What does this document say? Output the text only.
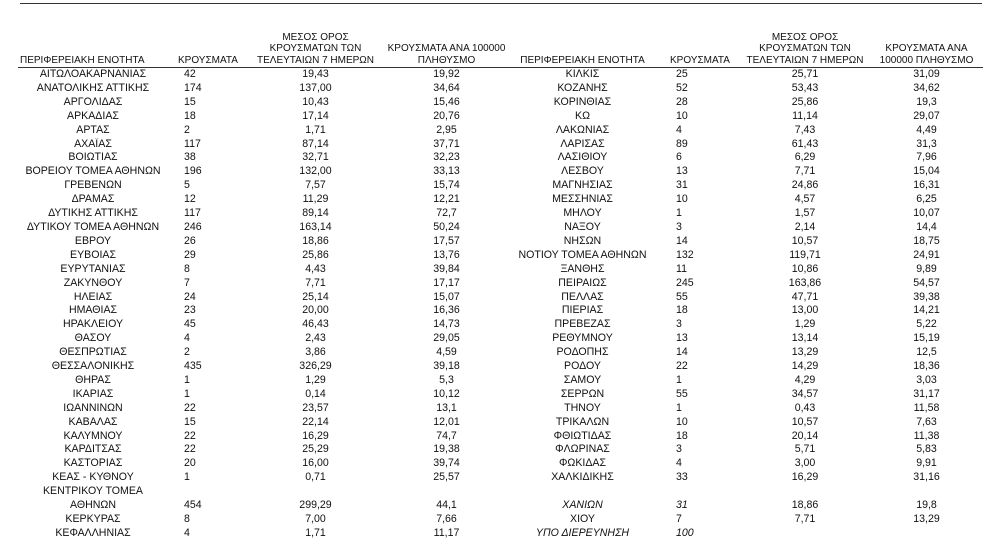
ΠΕΡΙΦΕΡΕΙΑΚΗ ΕΝΟΤΗΤΑ	ΚΡΟΥΣΜΑΤΑ	ΜΕΣΟΣ ΟΡΟΣ ΚΡΟΥΣΜΑΤΩΝ ΤΩΝ ΤΕΛΕΥΤΑΙΩΝ 7 ΗΜΕΡΩΝ	ΚΡΟΥΣΜΑΤΑ ΑΝΑ 100000 ΠΛΗΘΥΣΜΟ
ΑΙΤΩΛΟΑΚΑΡΝΑΝΙΑΣ	42	19,43	19,92
ΑΝΑΤΟΛΙΚΗΣ ΑΤΤΙΚΗΣ	174	137,00	34,64
ΑΡΓΟΛΙΔΑΣ	15	10,43	15,46
ΑΡΚΑΔΙΑΣ	18	17,14	20,76
ΑΡΤΑΣ	2	1,71	2,95
ΑΧΑΪΑΣ	117	87,14	37,71
ΒΟΙΩΤΙΑΣ	38	32,71	32,23
ΒΟΡΕΙΟΥ ΤΟΜΕΑ ΑΘΗΝΩΝ	196	132,00	33,13
ΓΡΕΒΕΝΩΝ	5	7,57	15,74
ΔΡΑΜΑΣ	12	11,29	12,21
ΔΥΤΙΚΗΣ ΑΤΤΙΚΗΣ	117	89,14	72,7
ΔΥΤΙΚΟΥ ΤΟΜΕΑ ΑΘΗΝΩΝ	246	163,14	50,24
ΕΒΡΟΥ	26	18,86	17,57
ΕΥΒΟΙΑΣ	29	25,86	13,76
ΕΥΡΥΤΑΝΙΑΣ	8	4,43	39,84
ΖΑΚΥΝΘΟΥ	7	7,71	17,17
ΗΛΕΙΑΣ	24	25,14	15,07
ΗΜΑΘΙΑΣ	23	20,00	16,36
ΗΡΑΚΛΕΙΟΥ	45	46,43	14,73
ΘΑΣΟΥ	4	2,43	29,05
ΘΕΣΠΡΩΤΙΑΣ	2	3,86	4,59
ΘΕΣΣΑΛΟΝΙΚΗΣ	435	326,29	39,18
ΘΗΡΑΣ	1	1,29	5,3
ΙΚΑΡΙΑΣ	1	0,14	10,12
ΙΩΑΝΝΙΝΩΝ	22	23,57	13,1
ΚΑΒΑΛΑΣ	15	22,14	12,01
ΚΑΛΥΜΝΟΥ	22	16,29	74,7
ΚΑΡΔΙΤΣΑΣ	22	25,29	19,38
ΚΑΣΤΟΡΙΑΣ	20	16,00	39,74
ΚΕΑΣ - ΚΥΘΝΟΥ	1	0,71	25,57
ΚΕΝΤΡΙΚΟΥ ΤΟΜΕΑ			
ΑΘΗΝΩΝ	454	299,29	44,1
ΚΕΡΚΥΡΑΣ	8	7,00	7,66
ΚΕΦΑΛΛΗΝΙΑΣ	4	1,71	11,17
ΠΕΡΙΦΕΡΕΙΑΚΗ ΕΝΟΤΗΤΑ	ΚΡΟΥΣΜΑΤΑ	ΜΕΣΟΣ ΟΡΟΣ ΚΡΟΥΣΜΑΤΩΝ ΤΩΝ ΤΕΛΕΥΤΑΙΩΝ 7 ΗΜΕΡΩΝ	ΚΡΟΥΣΜΑΤΑ ΑΝΑ 100000 ΠΛΗΘΥΣΜΟ
ΚΙΛΚΙΣ	25	25,71	31,09
ΚΟΖΑΝΗΣ	52	53,43	34,62
ΚΟΡΙΝΘΙΑΣ	28	25,86	19,3
ΚΩ	10	11,14	29,07
ΛΑΚΩΝΙΑΣ	4	7,43	4,49
ΛΑΡΙΣΑΣ	89	61,43	31,3
ΛΑΣΙΘΙΟΥ	6	6,29	7,96
ΛΕΣΒΟΥ	13	7,71	15,04
ΜΑΓΝΗΣΙΑΣ	31	24,86	16,31
ΜΕΣΣΗΝΙΑΣ	10	4,57	6,25
ΜΗΛΟΥ	1	1,57	10,07
ΝΑΞΟΥ	3	2,14	14,4
ΝΗΣΩΝ	14	10,57	18,75
ΝΟΤΙΟΥ ΤΟΜΕΑ ΑΘΗΝΩΝ	132	119,71	24,91
ΞΑΝΘΗΣ	11	10,86	9,89
ΠΕΙΡΑΙΩΣ	245	163,86	54,57
ΠΕΛΛΑΣ	55	47,71	39,38
ΠΙΕΡΙΑΣ	18	13,00	14,21
ΠΡΕΒΕΖΑΣ	3	1,29	5,22
ΡΕΘΥΜΝΟΥ	13	13,14	15,19
ΡΟΔΟΠΗΣ	14	13,29	12,5
ΡΟΔΟΥ	22	14,29	18,36
ΣΑΜΟΥ	1	4,29	3,03
ΣΕΡΡΩΝ	55	34,57	31,17
ΤΗΝΟΥ	1	0,43	11,58
ΤΡΙΚΑΛΩΝ	10	10,57	7,63
ΦΘΙΩΤΙΔΑΣ	18	20,14	11,38
ΦΛΩΡΙΝΑΣ	3	5,71	5,83
ΦΩΚΙΔΑΣ	4	3,00	9,91
ΧΑΛΚΙΔΙΚΗΣ	33	16,29	31,16

ΧΑΝΙΩΝ	31	18,86	19,8
ΧΙΟΥ	7	7,71	13,29
ΥΠΟ ΔΙΕΡΕΥΝΗΣΗ	100		
